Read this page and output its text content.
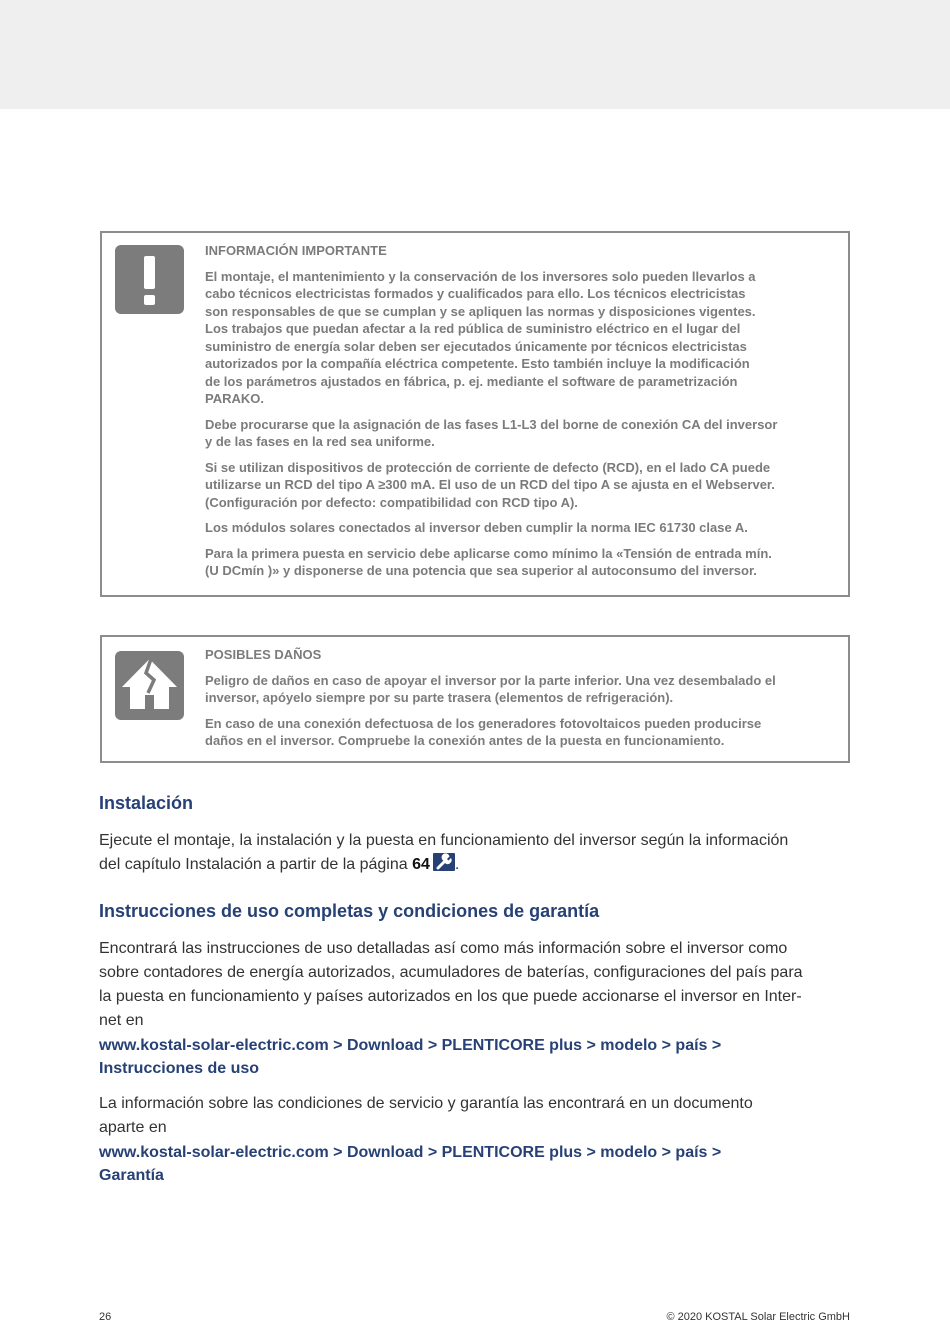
INFORMACIÓN IMPORTANTE

El montaje, el mantenimiento y la conservación de los inversores solo pueden llevarlos a
cabo técnicos electricistas formados y cualificados para ello. Los técnicos electricistas
son responsables de que se cumplan y se apliquen las normas y disposiciones vigentes.
Los trabajos que puedan afectar a la red pública de suministro eléctrico en el lugar del
suministro de energía solar deben ser ejecutados únicamente por técnicos electricistas
autorizados por la compañía eléctrica competente. Esto también incluye la modificación
de los parámetros ajustados en fábrica, p. ej. mediante el software de parametrización
PARAKO.

Debe procurarse que la asignación de las fases L1-L3 del borne de conexión CA del inversor
y de las fases en la red sea uniforme.

Si se utilizan dispositivos de protección de corriente de defecto (RCD), en el lado CA puede
utilizarse un RCD del tipo A ≥300 mA. El uso de un RCD del tipo A se ajusta en el Webserver.
(Configuración por defecto: compatibilidad con RCD tipo A).

Los módulos solares conectados al inversor deben cumplir la norma IEC 61730 clase A.

Para la primera puesta en servicio debe aplicarse como mínimo la «Tensión de entrada mín.
(U DCmín )» y disponerse de una potencia que sea superior al autoconsumo del inversor.

POSIBLES DAÑOS

Peligro de daños en caso de apoyar el inversor por la parte inferior. Una vez desembalado el
inversor, apóyelo siempre por su parte trasera (elementos de refrigeración).

En caso de una conexión defectuosa de los generadores fotovoltaicos pueden producirse
daños en el inversor. Compruebe la conexión antes de la puesta en funcionamiento.

Instalación

Ejecute el montaje, la instalación y la puesta en funcionamiento del inversor según la información
del capítulo Instalación a partir de la página 64 .

Instrucciones de uso completas y condiciones de garantía

Encontrará las instrucciones de uso detalladas así como más información sobre el inversor como
sobre contadores de energía autorizados, acumuladores de baterías, configuraciones del país para
la puesta en funcionamiento y países autorizados en los que puede accionarse el inversor en Inter-
net en

www.kostal-solar-electric.com > Download > PLENTICORE plus > modelo > país >
Instrucciones de uso

La información sobre las condiciones de servicio y garantía las encontrará en un documento
aparte en

www.kostal-solar-electric.com > Download > PLENTICORE plus > modelo > país >
Garantía

26	© 2020 KOSTAL Solar Electric GmbH
